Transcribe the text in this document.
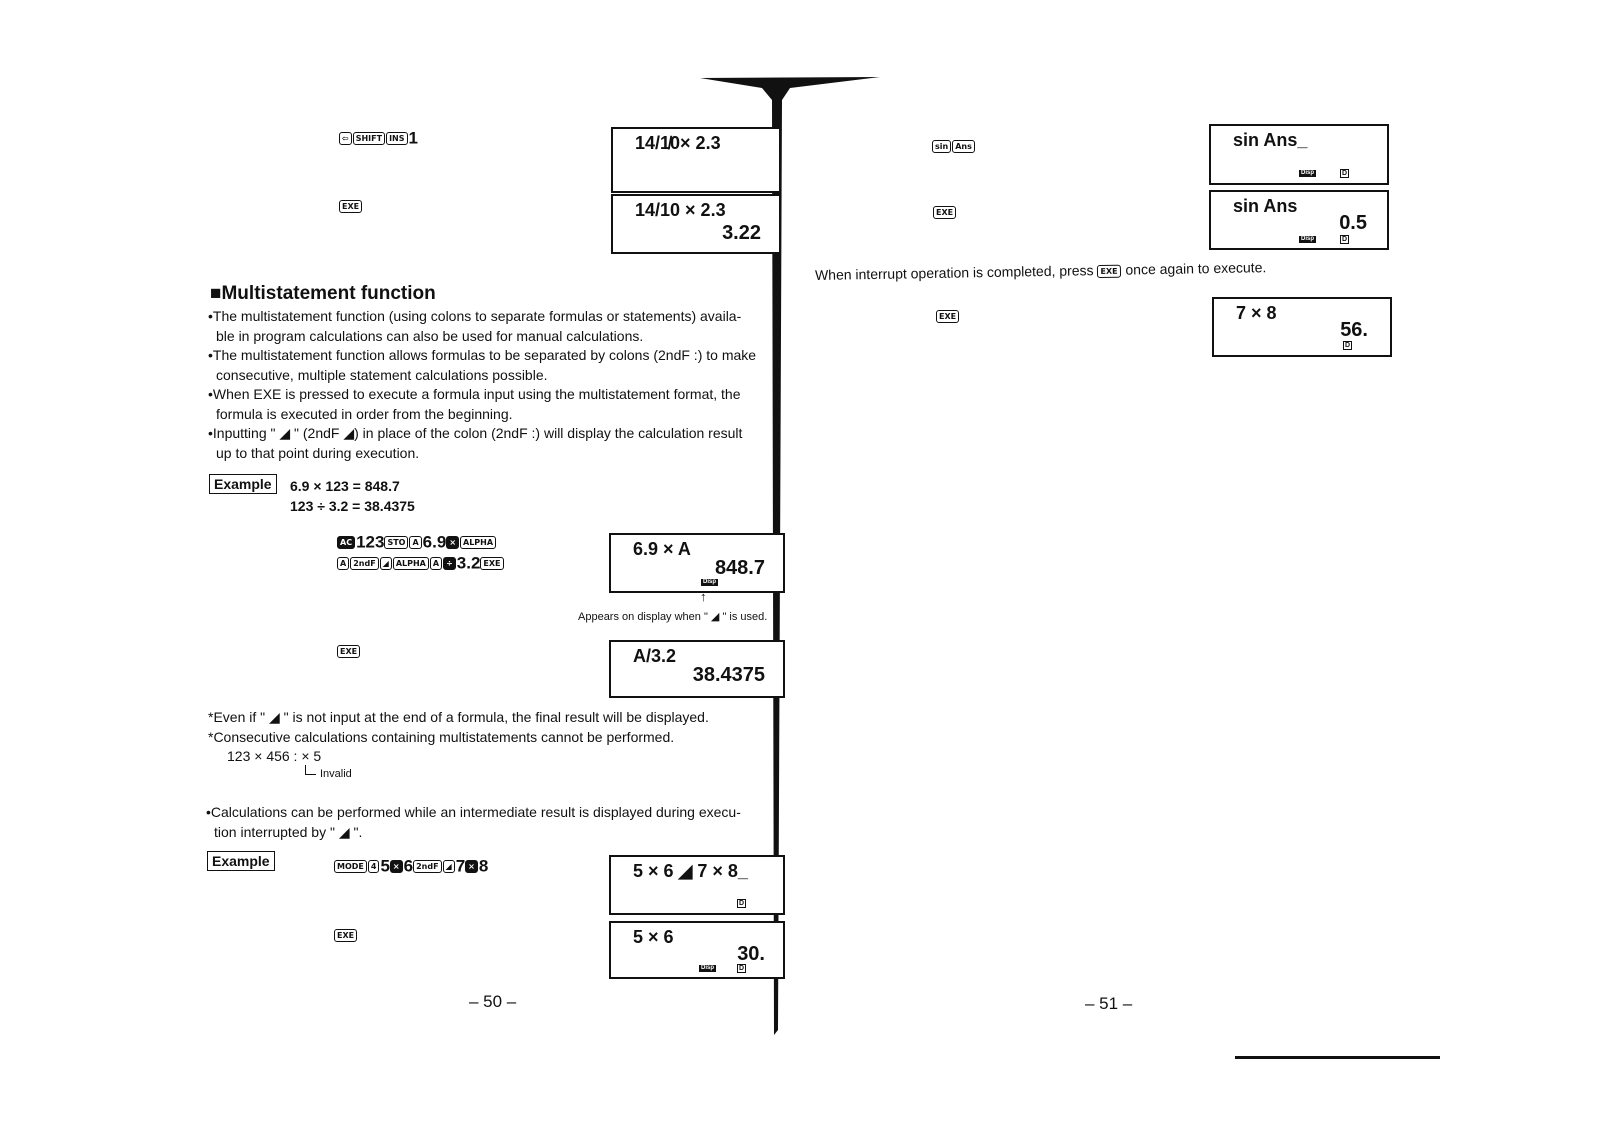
⇦ SHIFT INS 1	14/1̸0× 2.3
EXE	14/10 × 2.3
3.22
■Multistatement function
•The multistatement function (using colons to separate formulas or statements) availa-
ble in program calculations can also be used for manual calculations.
•The multistatement function allows formulas to be separated by colons (2ndF :) to make
consecutive, multiple statement calculations possible.
•When EXE is pressed to execute a formula input using the multistatement format, the
formula is executed in order from the beginning.
•Inputting " ◢ " (2ndF ◢) in place of the colon (2ndF :) will display the calculation result
up to that point during execution.
Example	6.9 × 123 = 848.7
123 ÷ 3.2 = 38.4375
AC 123 STO A 6.9 × ALPHA
A 2ndF ◢ ALPHA A ÷ 3.2 EXE
6.9 × A
848.7
Disp
↑
Appears on display when " ◢ " is used.
EXE	A/3.2
38.4375
*Even if " ◢ " is not input at the end of a formula, the final result will be displayed.
*Consecutive calculations containing multistatements cannot be performed.
123 × 456 : × 5
Invalid
•Calculations can be performed while an intermediate result is displayed during execu-
tion interrupted by " ◢ ".
Example	MODE 4 5 × 6 2ndF ◢ 7 × 8	5 × 6 ◢ 7 × 8_
D
EXE	5 × 6
30.
Disp	D
– 50 –
sin Ans	sin Ans_
Disp	D
EXE	sin Ans
0.5
Disp	D
When interrupt operation is completed, press EXE once again to execute.
EXE	7 × 8
56.
D
– 51 –
